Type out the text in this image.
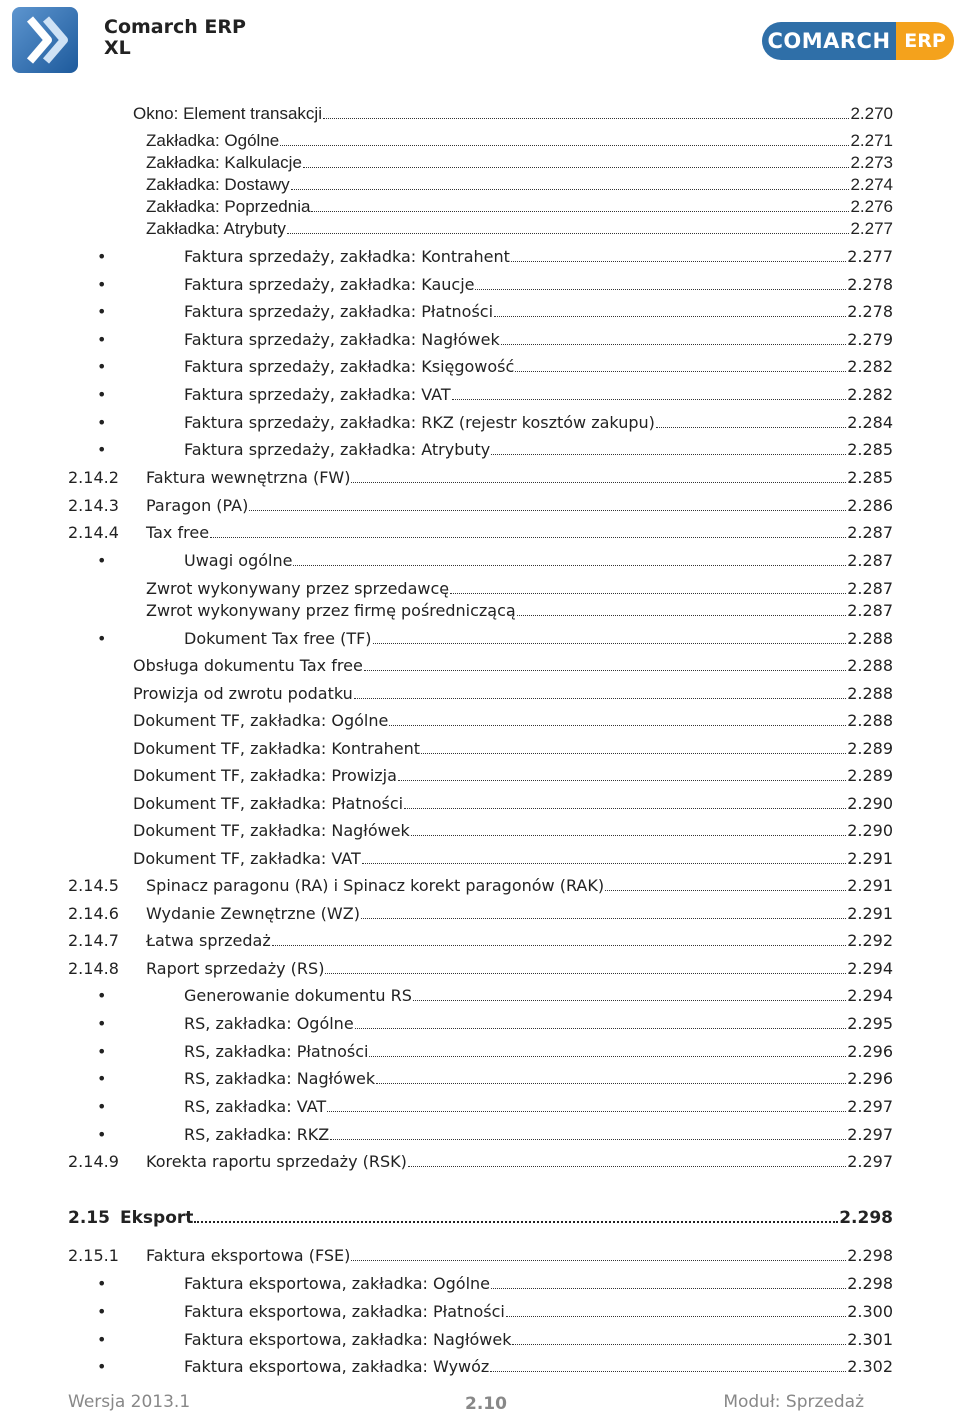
Comarch ERP
XL	COMARCH ERP
Okno: Element transakcji	2.270
Zakładka: Ogólne	2.271
Zakładka: Kalkulacje	2.273
Zakładka: Dostawy	2.274
Zakładka: Poprzednia	2.276
Zakładka: Atrybuty	2.277
•	Faktura sprzedaży, zakładka: Kontrahent	2.277
•	Faktura sprzedaży, zakładka: Kaucje	2.278
•	Faktura sprzedaży, zakładka: Płatności	2.278
•	Faktura sprzedaży, zakładka: Nagłówek	2.279
•	Faktura sprzedaży, zakładka: Księgowość	2.282
•	Faktura sprzedaży, zakładka: VAT	2.282
•	Faktura sprzedaży, zakładka: RKZ (rejestr kosztów zakupu)	2.284
•	Faktura sprzedaży, zakładka: Atrybuty	2.285
2.14.2 Faktura wewnętrzna (FW)	2.285
2.14.3 Paragon (PA)	2.286
2.14.4 Tax free	2.287
•	Uwagi ogólne	2.287
Zwrot wykonywany przez sprzedawcę	2.287
Zwrot wykonywany przez firmę pośredniczącą	2.287
•	Dokument Tax free (TF)	2.288
Obsługa dokumentu Tax free	2.288
Prowizja od zwrotu podatku	2.288
Dokument TF, zakładka: Ogólne	2.288
Dokument TF, zakładka: Kontrahent	2.289
Dokument TF, zakładka: Prowizja	2.289
Dokument TF, zakładka: Płatności	2.290
Dokument TF, zakładka: Nagłówek	2.290
Dokument TF, zakładka: VAT	2.291
2.14.5 Spinacz paragonu (RA) i Spinacz korekt paragonów (RAK)	2.291
2.14.6 Wydanie Zewnętrzne (WZ)	2.291
2.14.7 Łatwa sprzedaż	2.292
2.14.8 Raport sprzedaży (RS)	2.294
•	Generowanie dokumentu RS	2.294
•	RS, zakładka: Ogólne	2.295
•	RS, zakładka: Płatności	2.296
•	RS, zakładka: Nagłówek	2.296
•	RS, zakładka: VAT	2.297
•	RS, zakładka: RKZ	2.297
2.14.9 Korekta raportu sprzedaży (RSK)	2.297
2.15 Eksport	2.298
2.15.1 Faktura eksportowa (FSE)	2.298
•	Faktura eksportowa, zakładka: Ogólne	2.298
•	Faktura eksportowa, zakładka: Płatności	2.300
•	Faktura eksportowa, zakładka: Nagłówek	2.301
•	Faktura eksportowa, zakładka: Wywóz	2.302
Wersja 2013.1	2.10	Moduł: Sprzedaż
